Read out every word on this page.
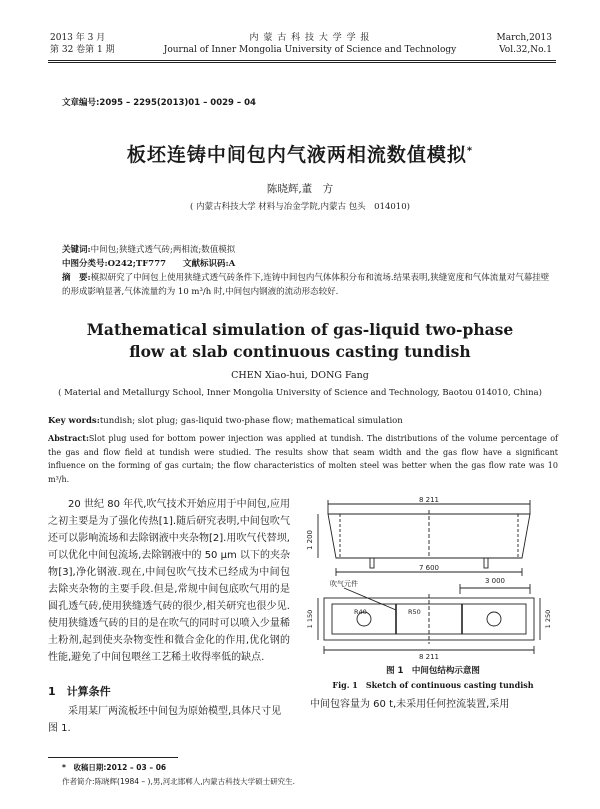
2013 年 3 月
第 32 卷第 1 期
内 蒙 古 科 技 大 学 学 报
Journal of Inner Mongolia University of Science and Technology
March,2013
Vol.32,No.1
文章编号:2095 – 2295(2013)01 – 0029 – 04
板坯连铸中间包内气液两相流数值模拟*
陈晓辉,董　方
( 内蒙古科技大学 材料与冶金学院,内蒙古 包头　014010)
关键词:中间包;狭缝式透气砖;两相流;数值模拟
中图分类号:O242;TF777　　文献标识码:A
摘　要:模拟研究了中间包上使用狭缝式透气砖条件下,连铸中间包内气体体积分布和流场.结果表明,狭缝宽度和气体流量对气幕挂壁的形成影响显著,气体流量约为 10 m³/h 时,中间包内钢液的流动形态较好.
Mathematical simulation of gas-liquid two-phase
flow at slab continuous casting tundish
CHEN Xiao-hui, DONG Fang
( Material and Metallurgy School, Inner Mongolia University of Science and Technology, Baotou 014010, China)
Key words:tundish; slot plug; gas-liquid two-phase flow; mathematical simulation
Abstract:Slot plug used for bottom power injection was applied at tundish. The distributions of the volume percentage of the gas and flow field at tundish were studied. The results show that seam width and the gas flow have a significant influence on the forming of gas curtain; the flow characteristics of molten steel was better when the gas flow rate was 10 m³/h.
20 世纪 80 年代,吹气技术开始应用于中间包,应用之初主要是为了强化传热[1].随后研究表明,中间包吹气还可以影响流场和去除钢液中夹杂物[2].用吹气代替坝,可以优化中间包流场,去除钢液中的 50 μm 以下的夹杂物[3],净化钢液.现在,中间包吹气技术已经成为中间包去除夹杂物的主要手段.但是,常规中间包底吹气用的是圆孔透气砖,使用狭缝透气砖的很少,相关研究也很少见.使用狭缝透气砖的目的是在吹气的同时可以喷入少量稀土粉剂,起到使夹杂物变性和微合金化的作用,优化钢的性能,避免了中间包喂丝工艺稀土收得率低的缺点.
1　计算条件
采用某厂两流板坯中间包为原始模型,具体尺寸见图 1.
*　收稿日期:2012 – 03 – 06
作者简介:陈晓辉(1984 – ),男,河北邯郸人,内蒙古科技大学硕士研究生.
8 211
1 200
7 600
吹气元件	3 000
R40	R50
1 150	1 250
8 211
图 1　中间包结构示意图
Fig. 1　Sketch of continuous casting tundish
中间包容量为 60 t,未采用任何控流装置,采用
